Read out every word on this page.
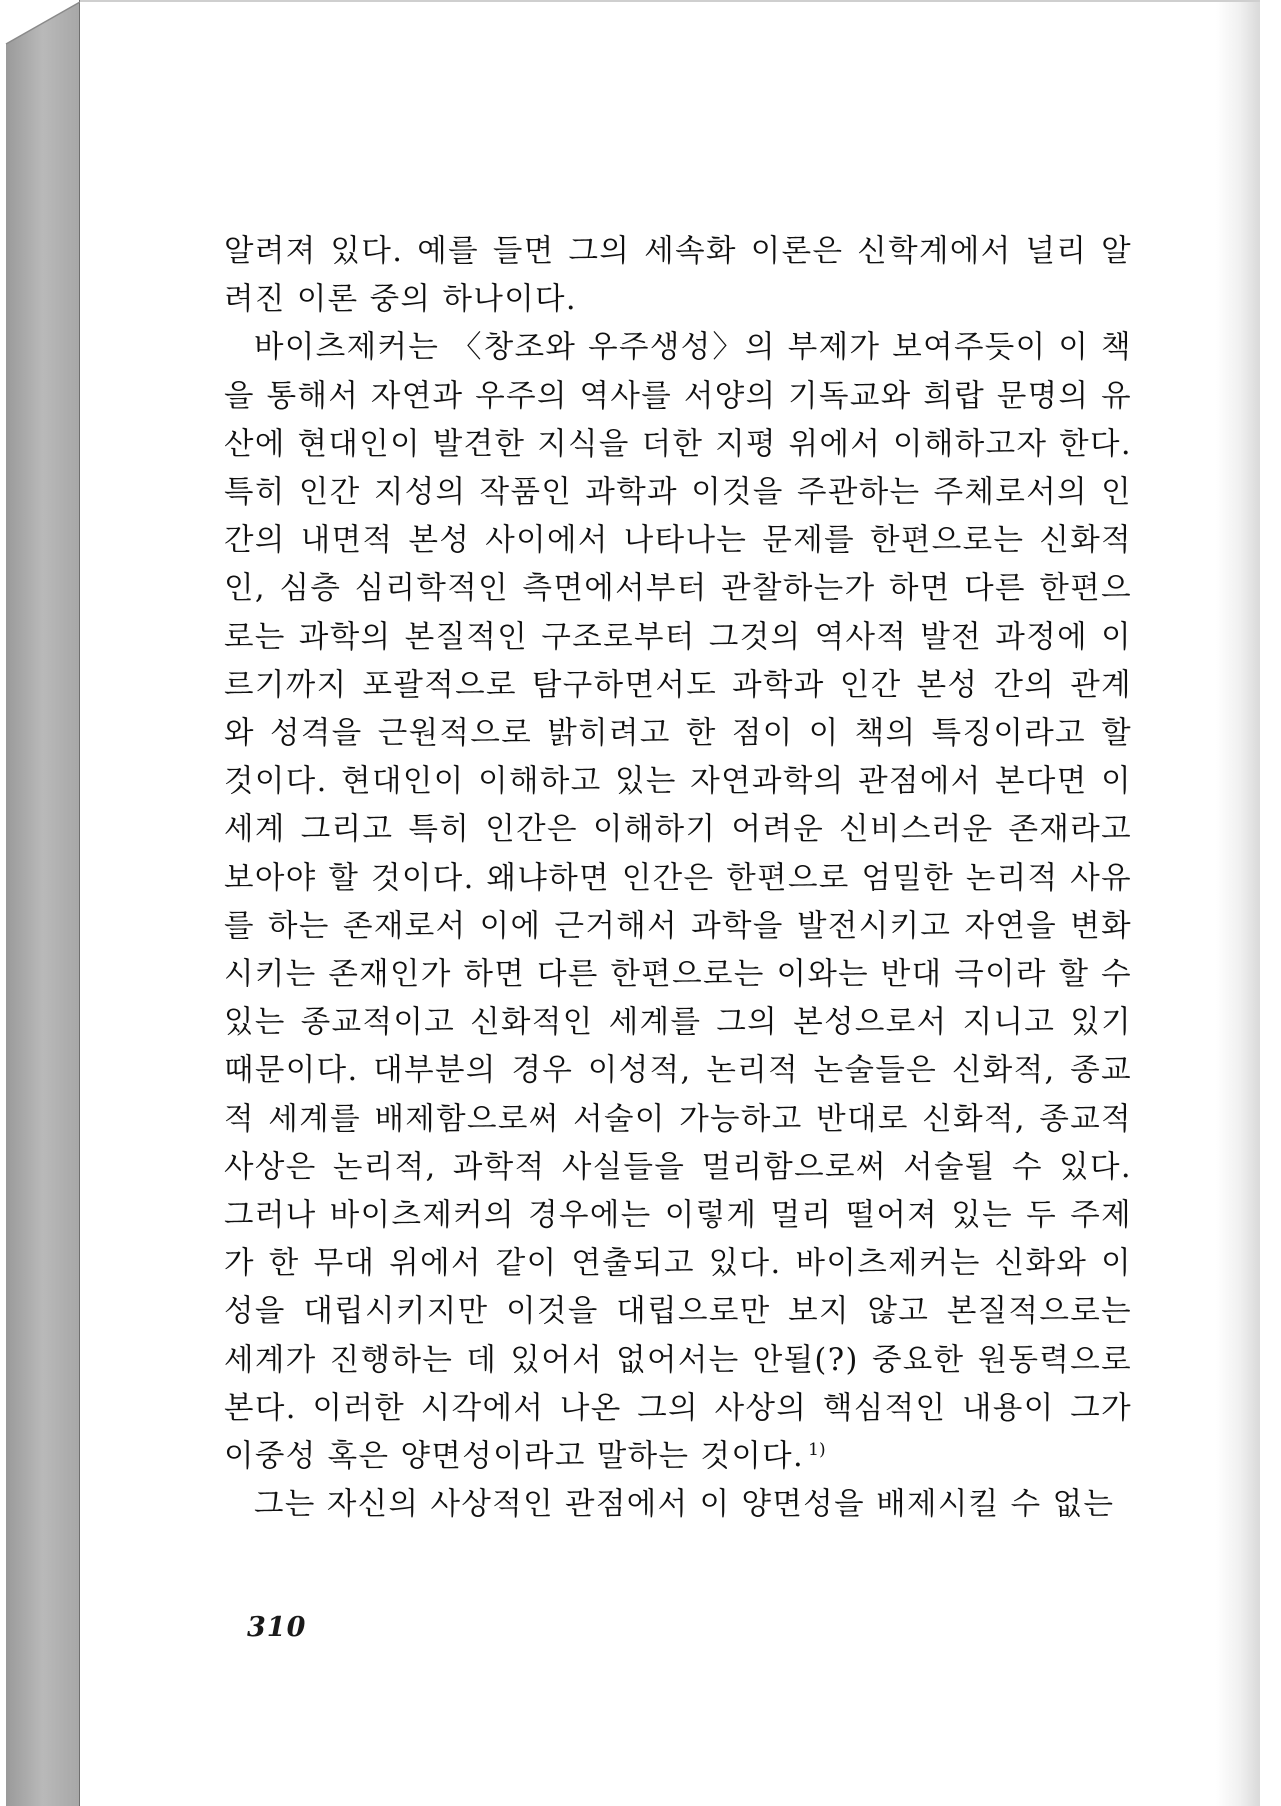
알려져 있다. 예를 들면 그의 세속화 이론은 신학계에서 널리 알려진 이론 중의 하나이다.

바이츠제커는 〈창조와 우주생성〉의 부제가 보여주듯이 이 책을 통해서 자연과 우주의 역사를 서양의 기독교와 희랍 문명의 유산에 현대인이 발견한 지식을 더한 지평 위에서 이해하고자 한다. 특히 인간 지성의 작품인 과학과 이것을 주관하는 주체로서의 인간의 내면적 본성 사이에서 나타나는 문제를 한편으로는 신화적인, 심층 심리학적인 측면에서부터 관찰하는가 하면 다른 한편으로는 과학의 본질적인 구조로부터 그것의 역사적 발전 과정에 이르기까지 포괄적으로 탐구하면서도 과학과 인간 본성 간의 관계와 성격을 근원적으로 밝히려고 한 점이 이 책의 특징이라고 할 것이다. 현대인이 이해하고 있는 자연과학의 관점에서 본다면 이 세계 그리고 특히 인간은 이해하기 어려운 신비스러운 존재라고 보아야 할 것이다. 왜냐하면 인간은 한편으로 엄밀한 논리적 사유를 하는 존재로서 이에 근거해서 과학을 발전시키고 자연을 변화시키는 존재인가 하면 다른 한편으로는 이와는 반대 극이라 할 수 있는 종교적이고 신화적인 세계를 그의 본성으로서 지니고 있기 때문이다. 대부분의 경우 이성적, 논리적 논술들은 신화적, 종교적 세계를 배제함으로써 서술이 가능하고 반대로 신화적, 종교적 사상은 논리적, 과학적 사실들을 멀리함으로써 서술될 수 있다. 그러나 바이츠제커의 경우에는 이렇게 멀리 떨어져 있는 두 주제가 한 무대 위에서 같이 연출되고 있다. 바이츠제커는 신화와 이성을 대립시키지만 이것을 대립으로만 보지 않고 본질적으로는 세계가 진행하는 데 있어서 없어서는 안될(?) 중요한 원동력으로 본다. 이러한 시각에서 나온 그의 사상의 핵심적인 내용이 그가 이중성 혹은 양면성이라고 말하는 것이다. $^{1)}$

그는 자신의 사상적인 관점에서 이 양면성을 배제시킬 수 없는

310
